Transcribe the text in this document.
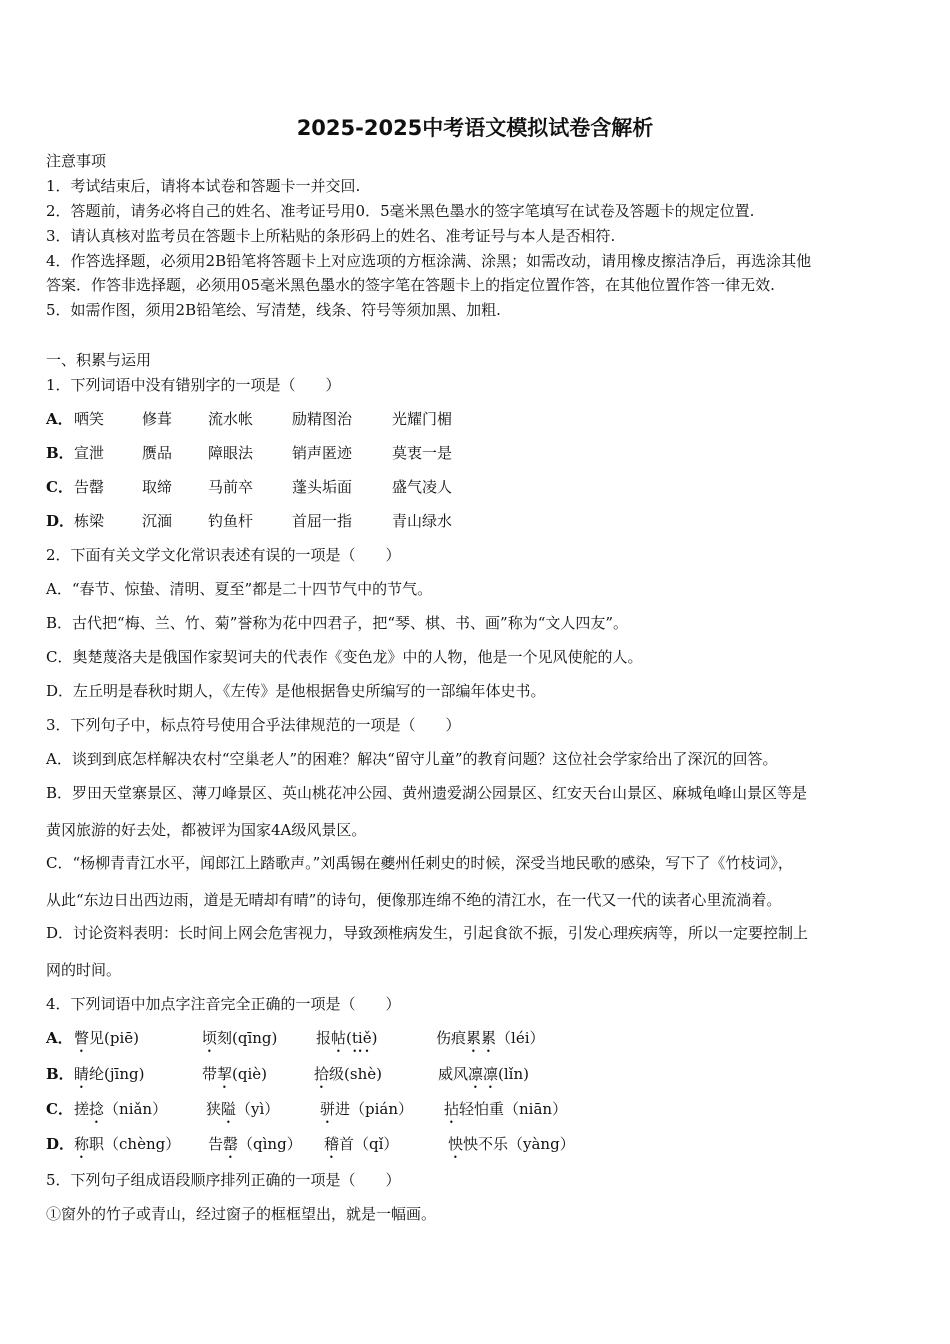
2025-2025中考语文模拟试卷含解析
注意事项
1．考试结束后，请将本试卷和答题卡一并交回.
2．答题前，请务必将自己的姓名、准考证号用0．5毫米黑色墨水的签字笔填写在试卷及答题卡的规定位置.
3．请认真核对监考员在答题卡上所粘贴的条形码上的姓名、准考证号与本人是否相符.
4．作答选择题，必须用2B铅笔将答题卡上对应选项的方框涂满、涂黑；如需改动，请用橡皮擦洁净后，再选涂其他
答案．作答非选择题，必须用05毫米黑色墨水的签字笔在答题卡上的指定位置作答，在其他位置作答一律无效.
5．如需作图，须用2B铅笔绘、写清楚，线条、符号等须加黑、加粗.
一、积累与运用
1．下列词语中没有错别字的一项是（　　）
A． 哂笑	修葺 流水帐	励精图治	光耀门楣
B． 宣泄	赝品 障眼法	销声匿迹	莫衷一是
C． 告罄	取缔 马前卒	蓬头垢面	盛气凌人
D． 栋梁	沉湎 钓鱼杆	首屈一指	青山绿水
2．下面有关文学文化常识表述有误的一项是（　　）
A．“春节、惊蛰、清明、夏至”都是二十四节气中的节气。
B．古代把“梅、兰、竹、菊”誉称为花中四君子，把“琴、棋、书、画”称为“文人四友”。
C．奥楚蔑洛夫是俄国作家契诃夫的代表作《变色龙》中的人物，他是一个见风使舵的人。
D．左丘明是春秋时期人，《左传》是他根据鲁史所编写的一部编年体史书。
3．下列句子中，标点符号使用合乎法律规范的一项是（　　）
A．谈到到底怎样解决农村“空巢老人”的困难？解决“留守儿童”的教育问题？这位社会学家给出了深沉的回答。
B．罗田天堂寨景区、薄刀峰景区、英山桃花冲公园、黄州遗爱湖公园景区、红安天台山景区、麻城龟峰山景区等是
黄冈旅游的好去处，都被评为国家4A级风景区。
C．“杨柳青青江水平，闻郎江上踏歌声。”刘禹锡在夔州任刺史的时候，深受当地民歌的感染，写下了《竹枝词》，
从此“东边日出西边雨，道是无晴却有晴”的诗句，便像那连绵不绝的清江水，在一代又一代的读者心里流淌着。
D．讨论资料表明：长时间上网会危害视力，导致颈椎病发生，引起食欲不振，引发心理疾病等，所以一定要控制上
网的时间。
4．下列词语中加点字注音完全正确的一项是（　　）
A． 瞥见(piē)	顷刻(qīng)	报帖(tiě)	伤痕累累（léi）
B． 睛纶(jīng)	带挈(qiè)	拾级(shè)	威风凛凛(lǐn)
C． 搓捻（niǎn）	狭隘（yì）	骈进（pián） 拈轻怕重（niān）
D． 称职（chèng） 告罄（qìng） 稽首（qǐ）	怏怏不乐（yàng）
5．下列句子组成语段顺序排列正确的一项是（　　）
①窗外的竹子或青山，经过窗子的框框望出，就是一幅画。
